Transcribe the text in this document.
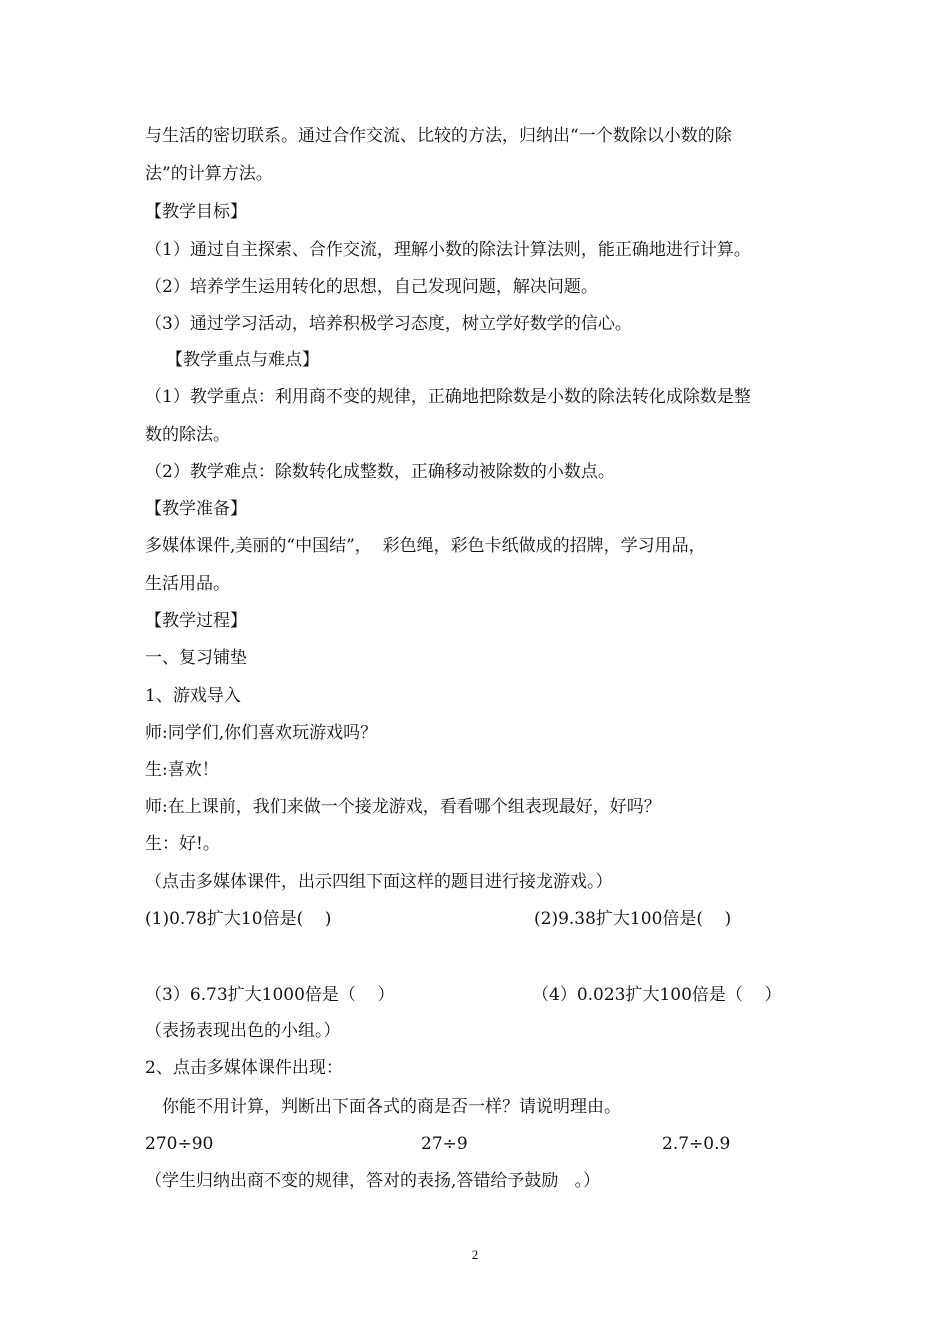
与生活的密切联系。通过合作交流、比较的方法，归纳出“一个数除以小数的除
法”的计算方法。
【教学目标】
（1）通过自主探索、合作交流，理解小数的除法计算法则，能正确地进行计算。
（2）培养学生运用转化的思想，自己发现问题，解决问题。
（3）通过学习活动，培养积极学习态度，树立学好数学的信心。
【教学重点与难点】
（1）教学重点：利用商不变的规律，正确地把除数是小数的除法转化成除数是整
数的除法。
（2）教学难点：除数转化成整数，正确移动被除数的小数点。
【教学准备】
多媒体课件,美丽的“中国结”，  彩色绳，彩色卡纸做成的招牌，学习用品，
生活用品。
【教学过程】
一、复习铺垫
1、游戏导入
师:同学们,你们喜欢玩游戏吗？
生:喜欢！
师:在上课前，我们来做一个接龙游戏，看看哪个组表现最好，好吗？
生：好!。
（点击多媒体课件，出示四组下面这样的题目进行接龙游戏。）
(1)0.78扩大10倍是(    )	(2)9.38扩大100倍是(    )
（3）6.73扩大1000倍是（    ）	（4）0.023扩大100倍是（    ）
（表扬表现出色的小组。）
2、点击多媒体课件出现：
你能不用计算，判断出下面各式的商是否一样？请说明理由。
270÷90	27÷9	2.7÷0.9
（学生归纳出商不变的规律，答对的表扬,答错给予鼓励   。）
2
